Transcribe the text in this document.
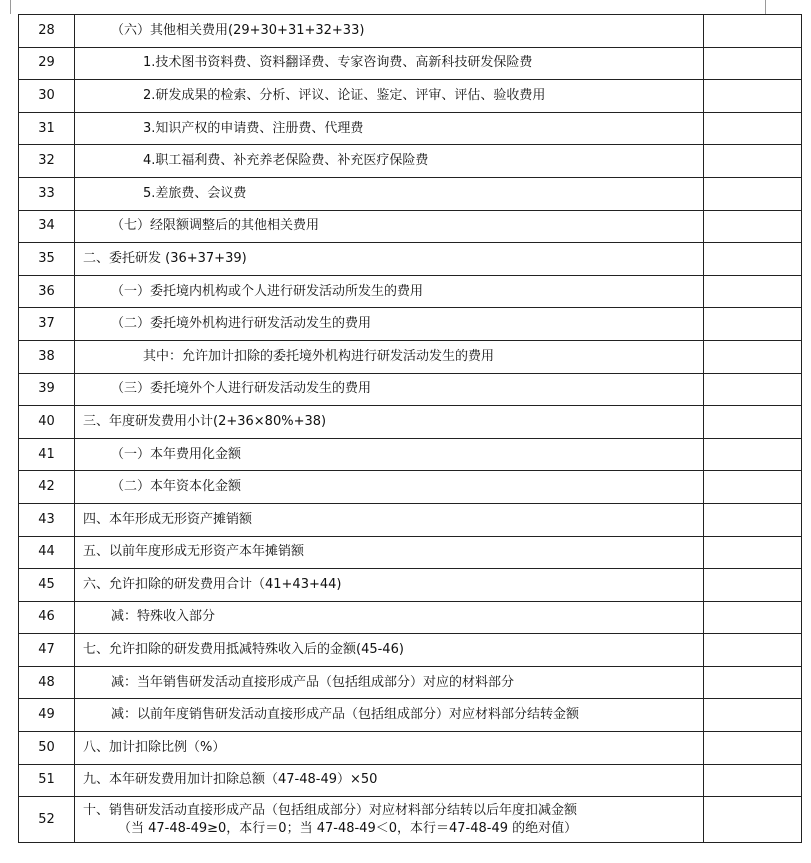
28	（六）其他相关费用(29+30+31+32+33)	
29	1.技术图书资料费、资料翻译费、专家咨询费、高新科技研发保险费	
30	2.研发成果的检索、分析、评议、论证、鉴定、评审、评估、验收费用	
31	3.知识产权的申请费、注册费、代理费	
32	4.职工福利费、补充养老保险费、补充医疗保险费	
33	5.差旅费、会议费	
34	（七）经限额调整后的其他相关费用	
35	二、委托研发 (36+37+39)	
36	（一）委托境内机构或个人进行研发活动所发生的费用	
37	（二）委托境外机构进行研发活动发生的费用	
38	其中：允许加计扣除的委托境外机构进行研发活动发生的费用	
39	（三）委托境外个人进行研发活动发生的费用	
40	三、年度研发费用小计(2+36×80%+38)	
41	（一）本年费用化金额	
42	（二）本年资本化金额	
43	四、本年形成无形资产摊销额	
44	五、以前年度形成无形资产本年摊销额	
45	六、允许扣除的研发费用合计（41+43+44)	
46	减：特殊收入部分	
47	七、允许扣除的研发费用抵减特殊收入后的金额(45-46)	
48	减：当年销售研发活动直接形成产品（包括组成部分）对应的材料部分	
49	减：以前年度销售研发活动直接形成产品（包括组成部分）对应材料部分结转金额	
50	八、加计扣除比例（%）	
51	九、本年研发费用加计扣除总额（47-48-49）×50	
52	十、销售研发活动直接形成产品（包括组成部分）对应材料部分结转以后年度扣减金额
（当 47-48-49≥0，本行＝0；当 47-48-49＜0，本行＝47-48-49 的绝对值）	
